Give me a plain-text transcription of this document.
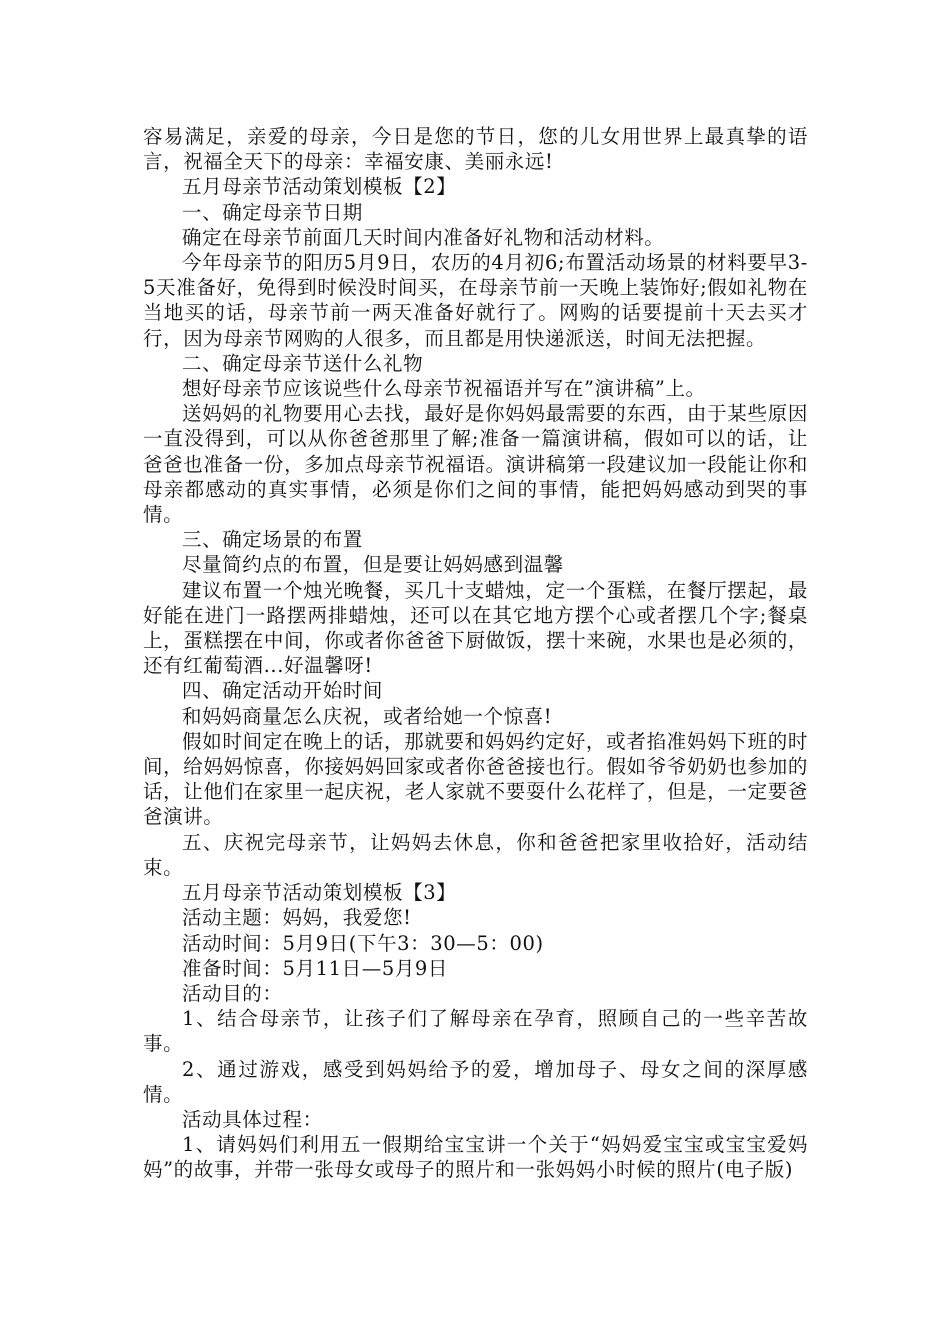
容易满足，亲爱的母亲，今日是您的节日，您的儿女用世界上最真挚的语言，祝福全天下的母亲：幸福安康、美丽永远!

五月母亲节活动策划模板【2】

一、确定母亲节日期

确定在母亲节前面几天时间内准备好礼物和活动材料。

今年母亲节的阳历5月9日，农历的4月初6;布置活动场景的材料要早3-5天准备好，免得到时候没时间买，在母亲节前一天晚上装饰好;假如礼物在当地买的话，母亲节前一两天准备好就行了。网购的话要提前十天去买才行，因为母亲节网购的人很多，而且都是用快递派送，时间无法把握。

二、确定母亲节送什么礼物

想好母亲节应该说些什么母亲节祝福语并写在”演讲稿”上。

送妈妈的礼物要用心去找，最好是你妈妈最需要的东西，由于某些原因一直没得到，可以从你爸爸那里了解;准备一篇演讲稿，假如可以的话，让爸爸也准备一份，多加点母亲节祝福语。演讲稿第一段建议加一段能让你和母亲都感动的真实事情，必须是你们之间的事情，能把妈妈感动到哭的事情。

三、确定场景的布置

尽量简约点的布置，但是要让妈妈感到温馨

建议布置一个烛光晚餐，买几十支蜡烛，定一个蛋糕，在餐厅摆起，最好能在进门一路摆两排蜡烛，还可以在其它地方摆个心或者摆几个字;餐桌上，蛋糕摆在中间，你或者你爸爸下厨做饭，摆十来碗，水果也是必须的，还有红葡萄酒...好温馨呀!

四、确定活动开始时间

和妈妈商量怎么庆祝，或者给她一个惊喜!

假如时间定在晚上的话，那就要和妈妈约定好，或者掐准妈妈下班的时间，给妈妈惊喜，你接妈妈回家或者你爸爸接也行。假如爷爷奶奶也参加的话，让他们在家里一起庆祝，老人家就不要耍什么花样了，但是，一定要爸爸演讲。

五、庆祝完母亲节，让妈妈去休息，你和爸爸把家里收拾好，活动结束。

五月母亲节活动策划模板【3】

活动主题：妈妈，我爱您!

活动时间：5月9日(下午3：30—5：00)

准备时间：5月11日—5月9日

活动目的：

1、结合母亲节，让孩子们了解母亲在孕育，照顾自己的一些辛苦故事。

2、通过游戏，感受到妈妈给予的爱，增加母子、母女之间的深厚感情。

活动具体过程：

1、请妈妈们利用五一假期给宝宝讲一个关于“妈妈爱宝宝或宝宝爱妈妈”的故事，并带一张母女或母子的照片和一张妈妈小时候的照片(电子版)
